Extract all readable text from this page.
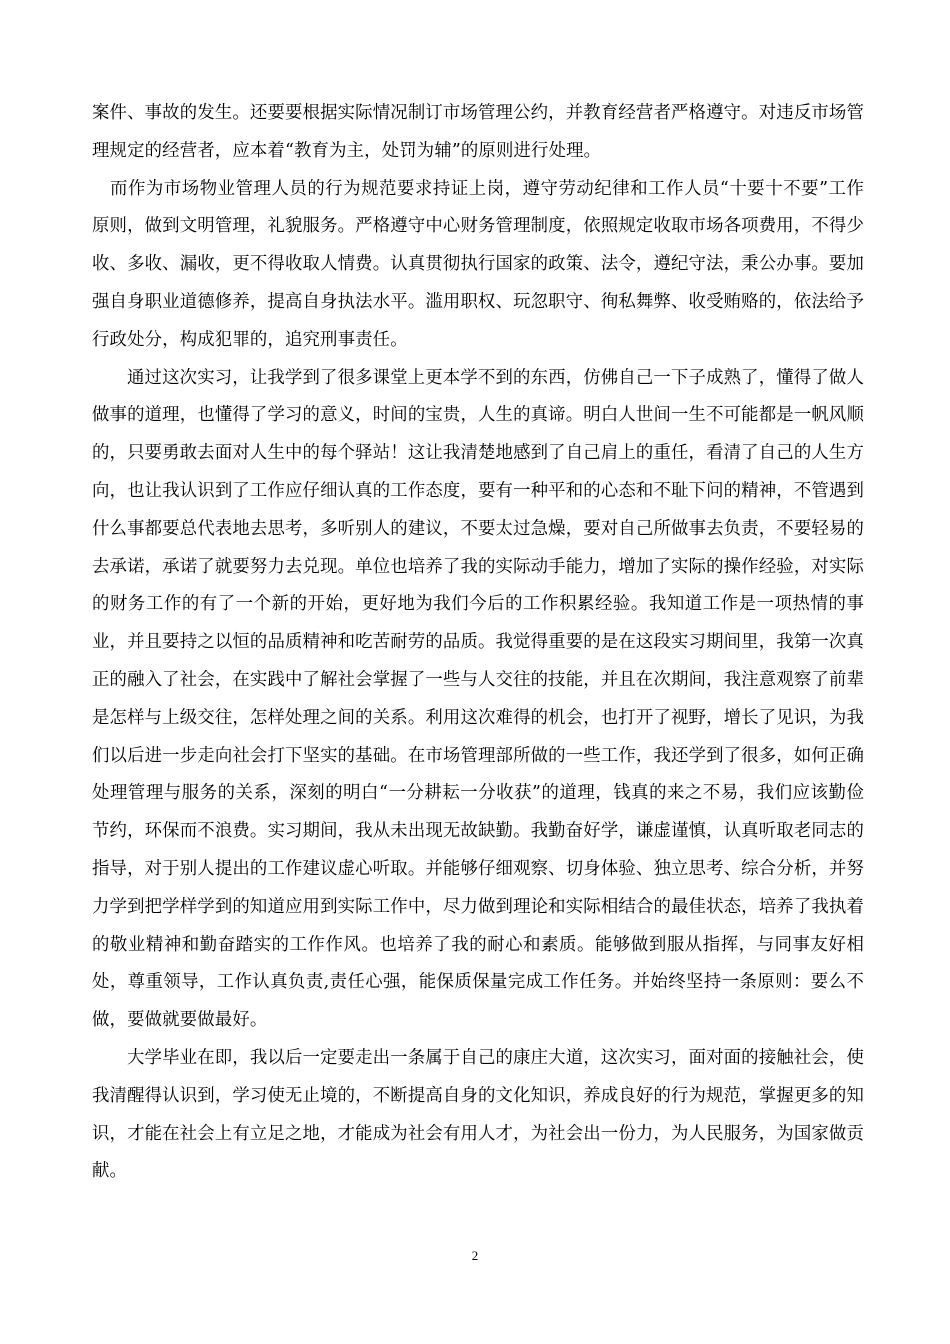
案件、事故的发生。还要要根据实际情况制订市场管理公约，并教育经营者严格遵守。对违反市场管理规定的经营者，应本着“教育为主，处罚为辅”的原则进行处理。

而作为市场物业管理人员的行为规范要求持证上岗，遵守劳动纪律和工作人员“十要十不要”工作原则，做到文明管理，礼貌服务。严格遵守中心财务管理制度，依照规定收取市场各项费用，不得少收、多收、漏收，更不得收取人情费。认真贯彻执行国家的政策、法令，遵纪守法，秉公办事。要加强自身职业道德修养，提高自身执法水平。滥用职权、玩忽职守、徇私舞弊、收受贿赂的，依法给予行政处分，构成犯罪的，追究刑事责任。

通过这次实习，让我学到了很多课堂上更本学不到的东西，仿佛自己一下子成熟了，懂得了做人做事的道理，也懂得了学习的意义，时间的宝贵，人生的真谛。明白人世间一生不可能都是一帆风顺的，只要勇敢去面对人生中的每个驿站！这让我清楚地感到了自己肩上的重任，看清了自己的人生方向，也让我认识到了工作应仔细认真的工作态度，要有一种平和的心态和不耻下问的精神，不管遇到什么事都要总代表地去思考，多听别人的建议，不要太过急燥，要对自己所做事去负责，不要轻易的去承诺，承诺了就要努力去兑现。单位也培养了我的实际动手能力，增加了实际的操作经验，对实际的财务工作的有了一个新的开始，更好地为我们今后的工作积累经验。我知道工作是一项热情的事业，并且要持之以恒的品质精神和吃苦耐劳的品质。我觉得重要的是在这段实习期间里，我第一次真正的融入了社会，在实践中了解社会掌握了一些与人交往的技能，并且在次期间，我注意观察了前辈是怎样与上级交往，怎样处理之间的关系。利用这次难得的机会，也打开了视野，增长了见识，为我们以后进一步走向社会打下坚实的基础。在市场管理部所做的一些工作，我还学到了很多，如何正确处理管理与服务的关系，深刻的明白“一分耕耘一分收获”的道理，钱真的来之不易，我们应该勤俭节约，环保而不浪费。实习期间，我从未出现无故缺勤。我勤奋好学，谦虚谨慎，认真听取老同志的指导，对于别人提出的工作建议虚心听取。并能够仔细观察、切身体验、独立思考、综合分析，并努力学到把学样学到的知道应用到实际工作中，尽力做到理论和实际相结合的最佳状态，培养了我执着的敬业精神和勤奋踏实的工作作风。也培养了我的耐心和素质。能够做到服从指挥，与同事友好相处，尊重领导，工作认真负责,责任心强，能保质保量完成工作任务。并始终坚持一条原则：要么不做，要做就要做最好。

大学毕业在即，我以后一定要走出一条属于自己的康庄大道，这次实习，面对面的接触社会，使我清醒得认识到，学习使无止境的，不断提高自身的文化知识，养成良好的行为规范，掌握更多的知识，才能在社会上有立足之地，才能成为社会有用人才，为社会出一份力，为人民服务，为国家做贡献。

2
